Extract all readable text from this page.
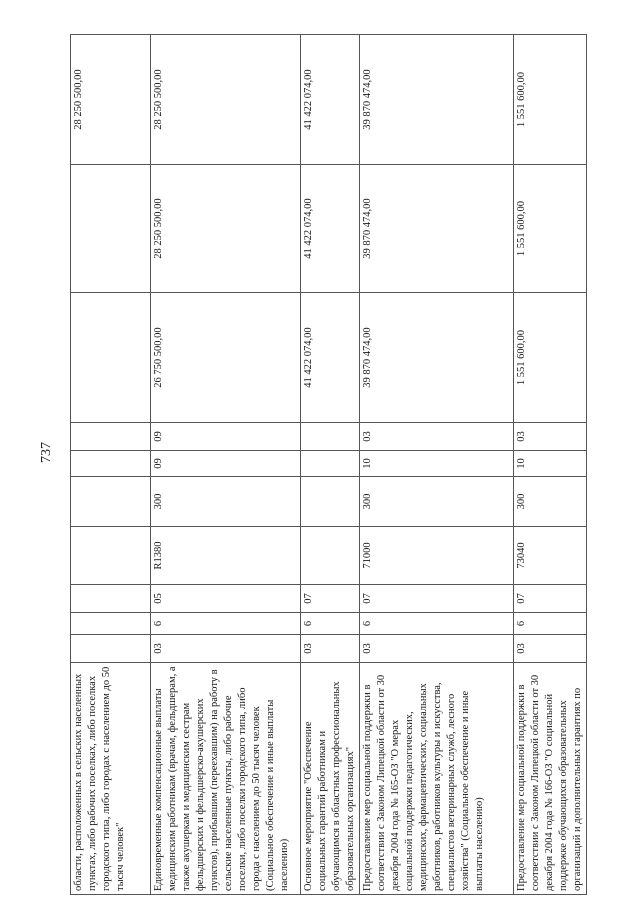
737
области, расположенных в сельских населенных пунктах, либо рабочих поселках, либо поселках городского типа, либо городах с населением до 50 тысяч человек"										28 250 500,00
Единовременные компенсационные выплаты медицинским работникам (врачам, фельдшерам, а также акушеркам и медицинским сестрам фельдшерских и фельдшерско-акушерских пунктов), прибывшим (переехавшим) на работу в сельские населенные пункты, либо рабочие поселки, либо поселки городского типа, либо города с населением до 50 тысяч человек (Социальное обеспечение и иные выплаты населению)	03	6	05	R1380	300	09	09	26 750 500,00	28 250 500,00	28 250 500,00
Основное мероприятие "Обеспечение социальных гарантий работникам и обучающимся в областных профессиональных образовательных организациях"	03	6	07					41 422 074,00	41 422 074,00	41 422 074,00
Предоставление мер социальной поддержки в соответствии с Законом Липецкой области от 30 декабря 2004 года № 165-ОЗ "О мерах социальной поддержки педагогических, медицинских, фармацевтических, социальных работников, работников культуры и искусства, специалистов ветеринарных служб, лесного хозяйства" (Социальное обеспечение и иные выплаты населению)	03	6	07	71000	300	10	03	39 870 474,00	39 870 474,00	39 870 474,00
Предоставление мер социальной поддержки в соответствии с Законом Липецкой области от 30 декабря 2004 года № 166-ОЗ "О социальной поддержке обучающихся образовательных организаций и дополнительных гарантиях по	03	6	07	73040	300	10	03	1 551 600,00	1 551 600,00	1 551 600,00
